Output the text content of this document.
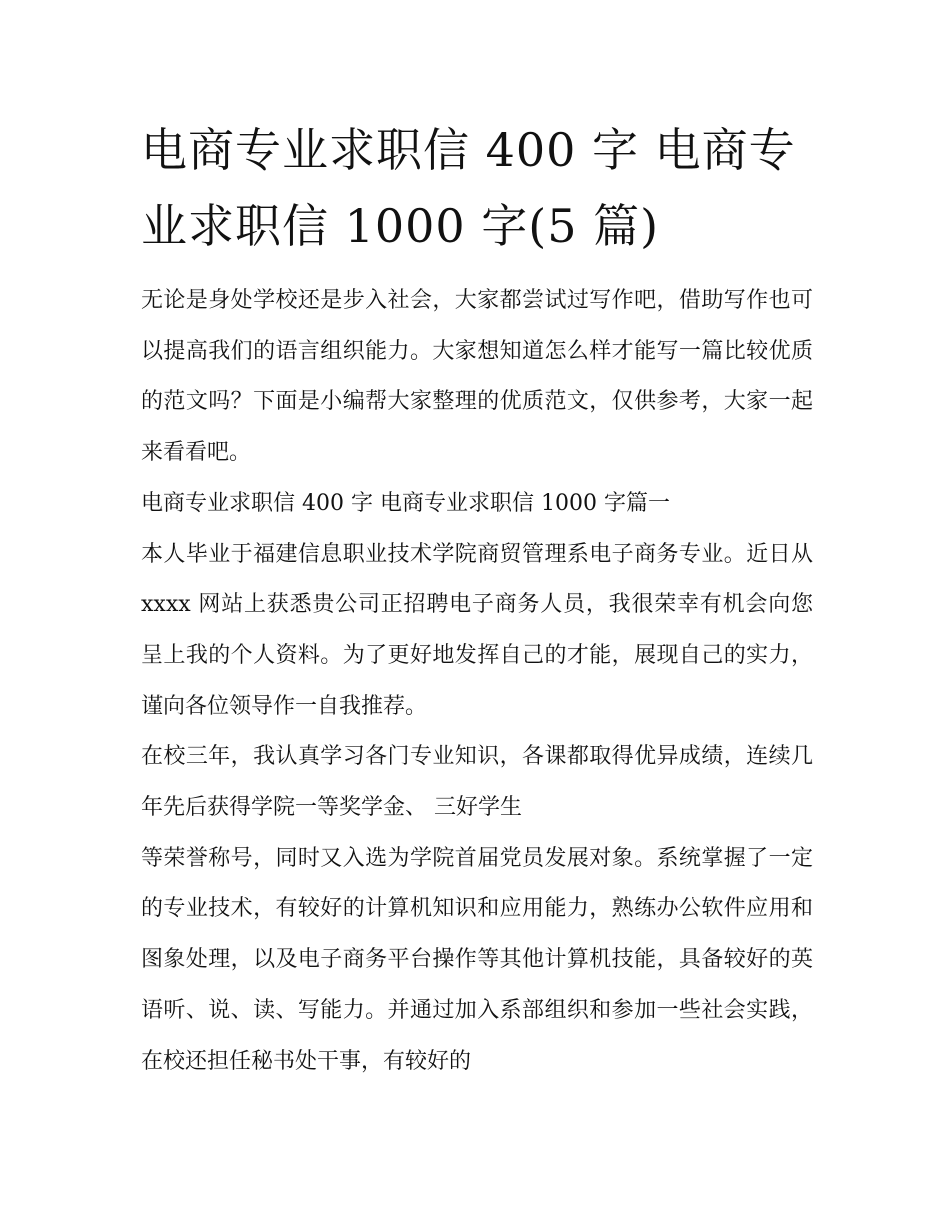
电商专业求职信 400 字 电商专
业求职信 1000 字(5 篇)

无论是身处学校还是步入社会，大家都尝试过写作吧，借助写作也可以提高我们的语言组织能力。大家想知道怎么样才能写一篇比较优质的范文吗？下面是小编帮大家整理的优质范文，仅供参考，大家一起来看看吧。

电商专业求职信 400 字 电商专业求职信 1000 字篇一

本人毕业于福建信息职业技术学院商贸管理系电子商务专业。近日从 xxxx 网站上获悉贵公司正招聘电子商务人员，我很荣幸有机会向您呈上我的个人资料。为了更好地发挥自己的才能，展现自己的实力，谨向各位领导作一自我推荐。

在校三年，我认真学习各门专业知识，各课都取得优异成绩，连续几年先后获得学院一等奖学金、 三好学生

等荣誉称号，同时又入选为学院首届党员发展对象。系统掌握了一定的专业技术，有较好的计算机知识和应用能力，熟练办公软件应用和图象处理，以及电子商务平台操作等其他计算机技能，具备较好的英语听、说、读、写能力。并通过加入系部组织和参加一些社会实践，在校还担任秘书处干事，有较好的
